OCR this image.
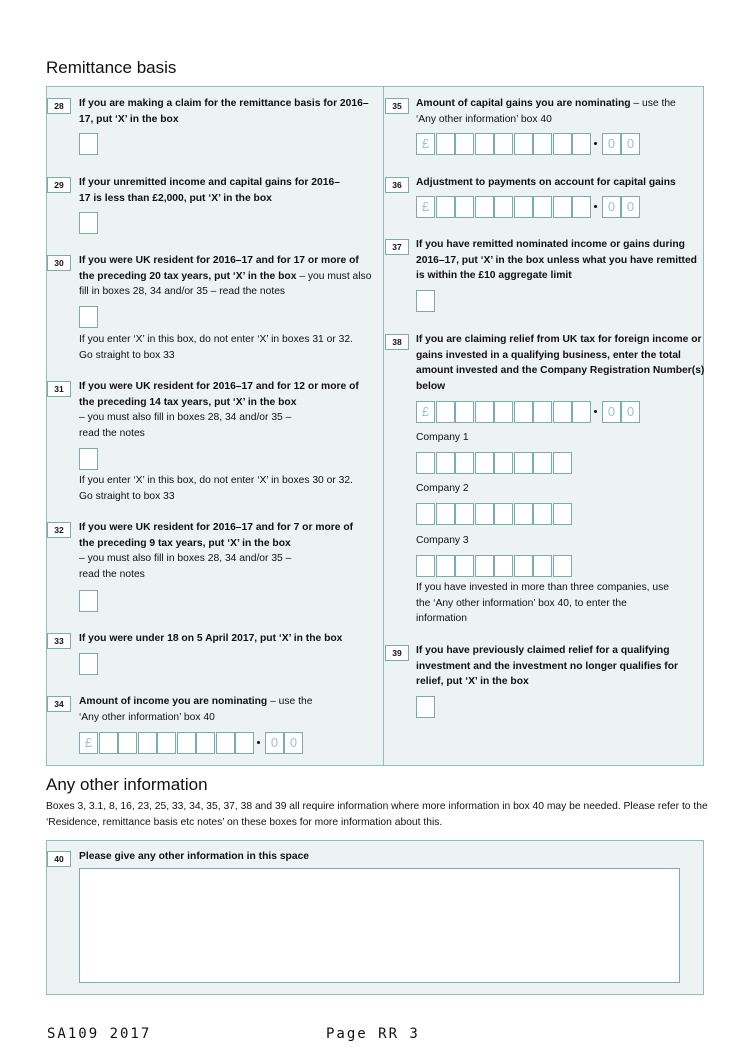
Remittance basis
28	If you are making a claim for the remittance basis for 2016–17, put ‘X’ in the box
29	If your unremitted income and capital gains for 2016–17 is less than £2,000, put ‘X’ in the box
30	If you were UK resident for 2016–17 and for 17 or more of the preceding 20 tax years, put ‘X’ in the box – you must also fill in boxes 28, 34 and/or 35 – read the notes
If you enter ‘X’ in this box, do not enter ‘X’ in boxes 31 or 32. Go straight to box 33
31	If you were UK resident for 2016–17 and for 12 or more of the preceding 14 tax years, put ‘X’ in the box
– you must also fill in boxes 28, 34 and/or 35 – read the notes
If you enter ‘X’ in this box, do not enter ‘X’ in boxes 30 or 32. Go straight to box 33
32	If you were UK resident for 2016–17 and for 7 or more of the preceding 9 tax years, put ‘X’ in the box
– you must also fill in boxes 28, 34 and/or 35 – read the notes
33	If you were under 18 on 5 April 2017, put ‘X’ in the box
34	Amount of income you are nominating – use the ‘Any other information’ box 40
£	0 0
35	Amount of capital gains you are nominating – use the ‘Any other information’ box 40
£	0 0
36	Adjustment to payments on account for capital gains
£	0 0
37	If you have remitted nominated income or gains during 2016–17, put ‘X’ in the box unless what you have remitted is within the £10 aggregate limit
38	If you are claiming relief from UK tax for foreign income or gains invested in a qualifying business, enter the total amount invested and the Company Registration Number(s) below
£	0 0
Company 1
Company 2
Company 3
If you have invested in more than three companies, use the ‘Any other information’ box 40, to enter the information
39	If you have previously claimed relief for a qualifying investment and the investment no longer qualifies for relief, put ‘X’ in the box
Any other information
Boxes 3, 3.1, 8, 16, 23, 25, 33, 34, 35, 37, 38 and 39 all require information where more information in box 40 may be needed. Please refer to the ‘Residence, remittance basis etc notes’ on these boxes for more information about this.
40	Please give any other information in this space
SA109 2017	Page RR 3
